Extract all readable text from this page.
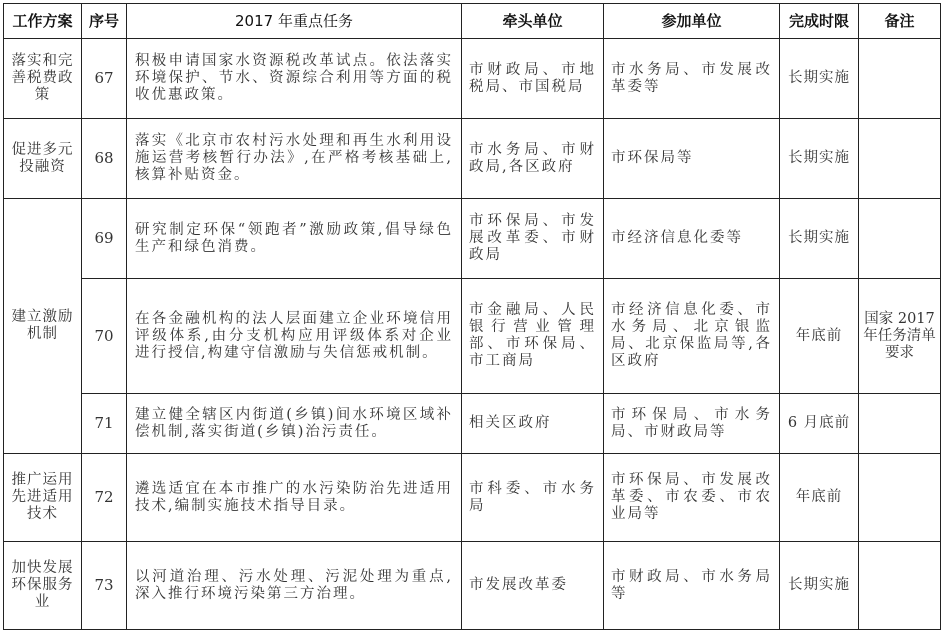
工作方案	序号	2017 年重点任务	牵头单位	参加单位	完成时限	备注
落实和完善税费政策	67	积极申请国家水资源税改革试点。依法落实环境保护、节水、资源综合利用等方面的税收优惠政策。	市财政局、市地税局、市国税局	市水务局、市发展改革委等	长期实施	
促进多元投融资	68	落实《北京市农村污水处理和再生水利用设施运营考核暂行办法》,在严格考核基础上,核算补贴资金。	市水务局、市财政局,各区政府	市环保局等	长期实施	
建立激励机制	69	研究制定环保“领跑者”激励政策,倡导绿色生产和绿色消费。	市环保局、市发展改革委、市财政局	市经济信息化委等	长期实施	
	70	在各金融机构的法人层面建立企业环境信用评级体系,由分支机构应用评级体系对企业进行授信,构建守信激励与失信惩戒机制。	市金融局、人民银行营业管理部、市环保局、市工商局	市经济信息化委、市水务局、北京银监局、北京保监局等,各区政府	年底前	国家 2017 年任务清单要求
	71	建立健全辖区内街道(乡镇)间水环境区域补偿机制,落实街道(乡镇)治污责任。	相关区政府	市环保局、市水务局、市财政局等	6 月底前	
推广运用先进适用技术	72	遴选适宜在本市推广的水污染防治先进适用技术,编制实施技术指导目录。	市科委、市水务局	市环保局、市发展改革委、市农委、市农业局等	年底前	
加快发展环保服务业	73	以河道治理、污水处理、污泥处理为重点,深入推行环境污染第三方治理。	市发展改革委	市财政局、市水务局等	长期实施	
